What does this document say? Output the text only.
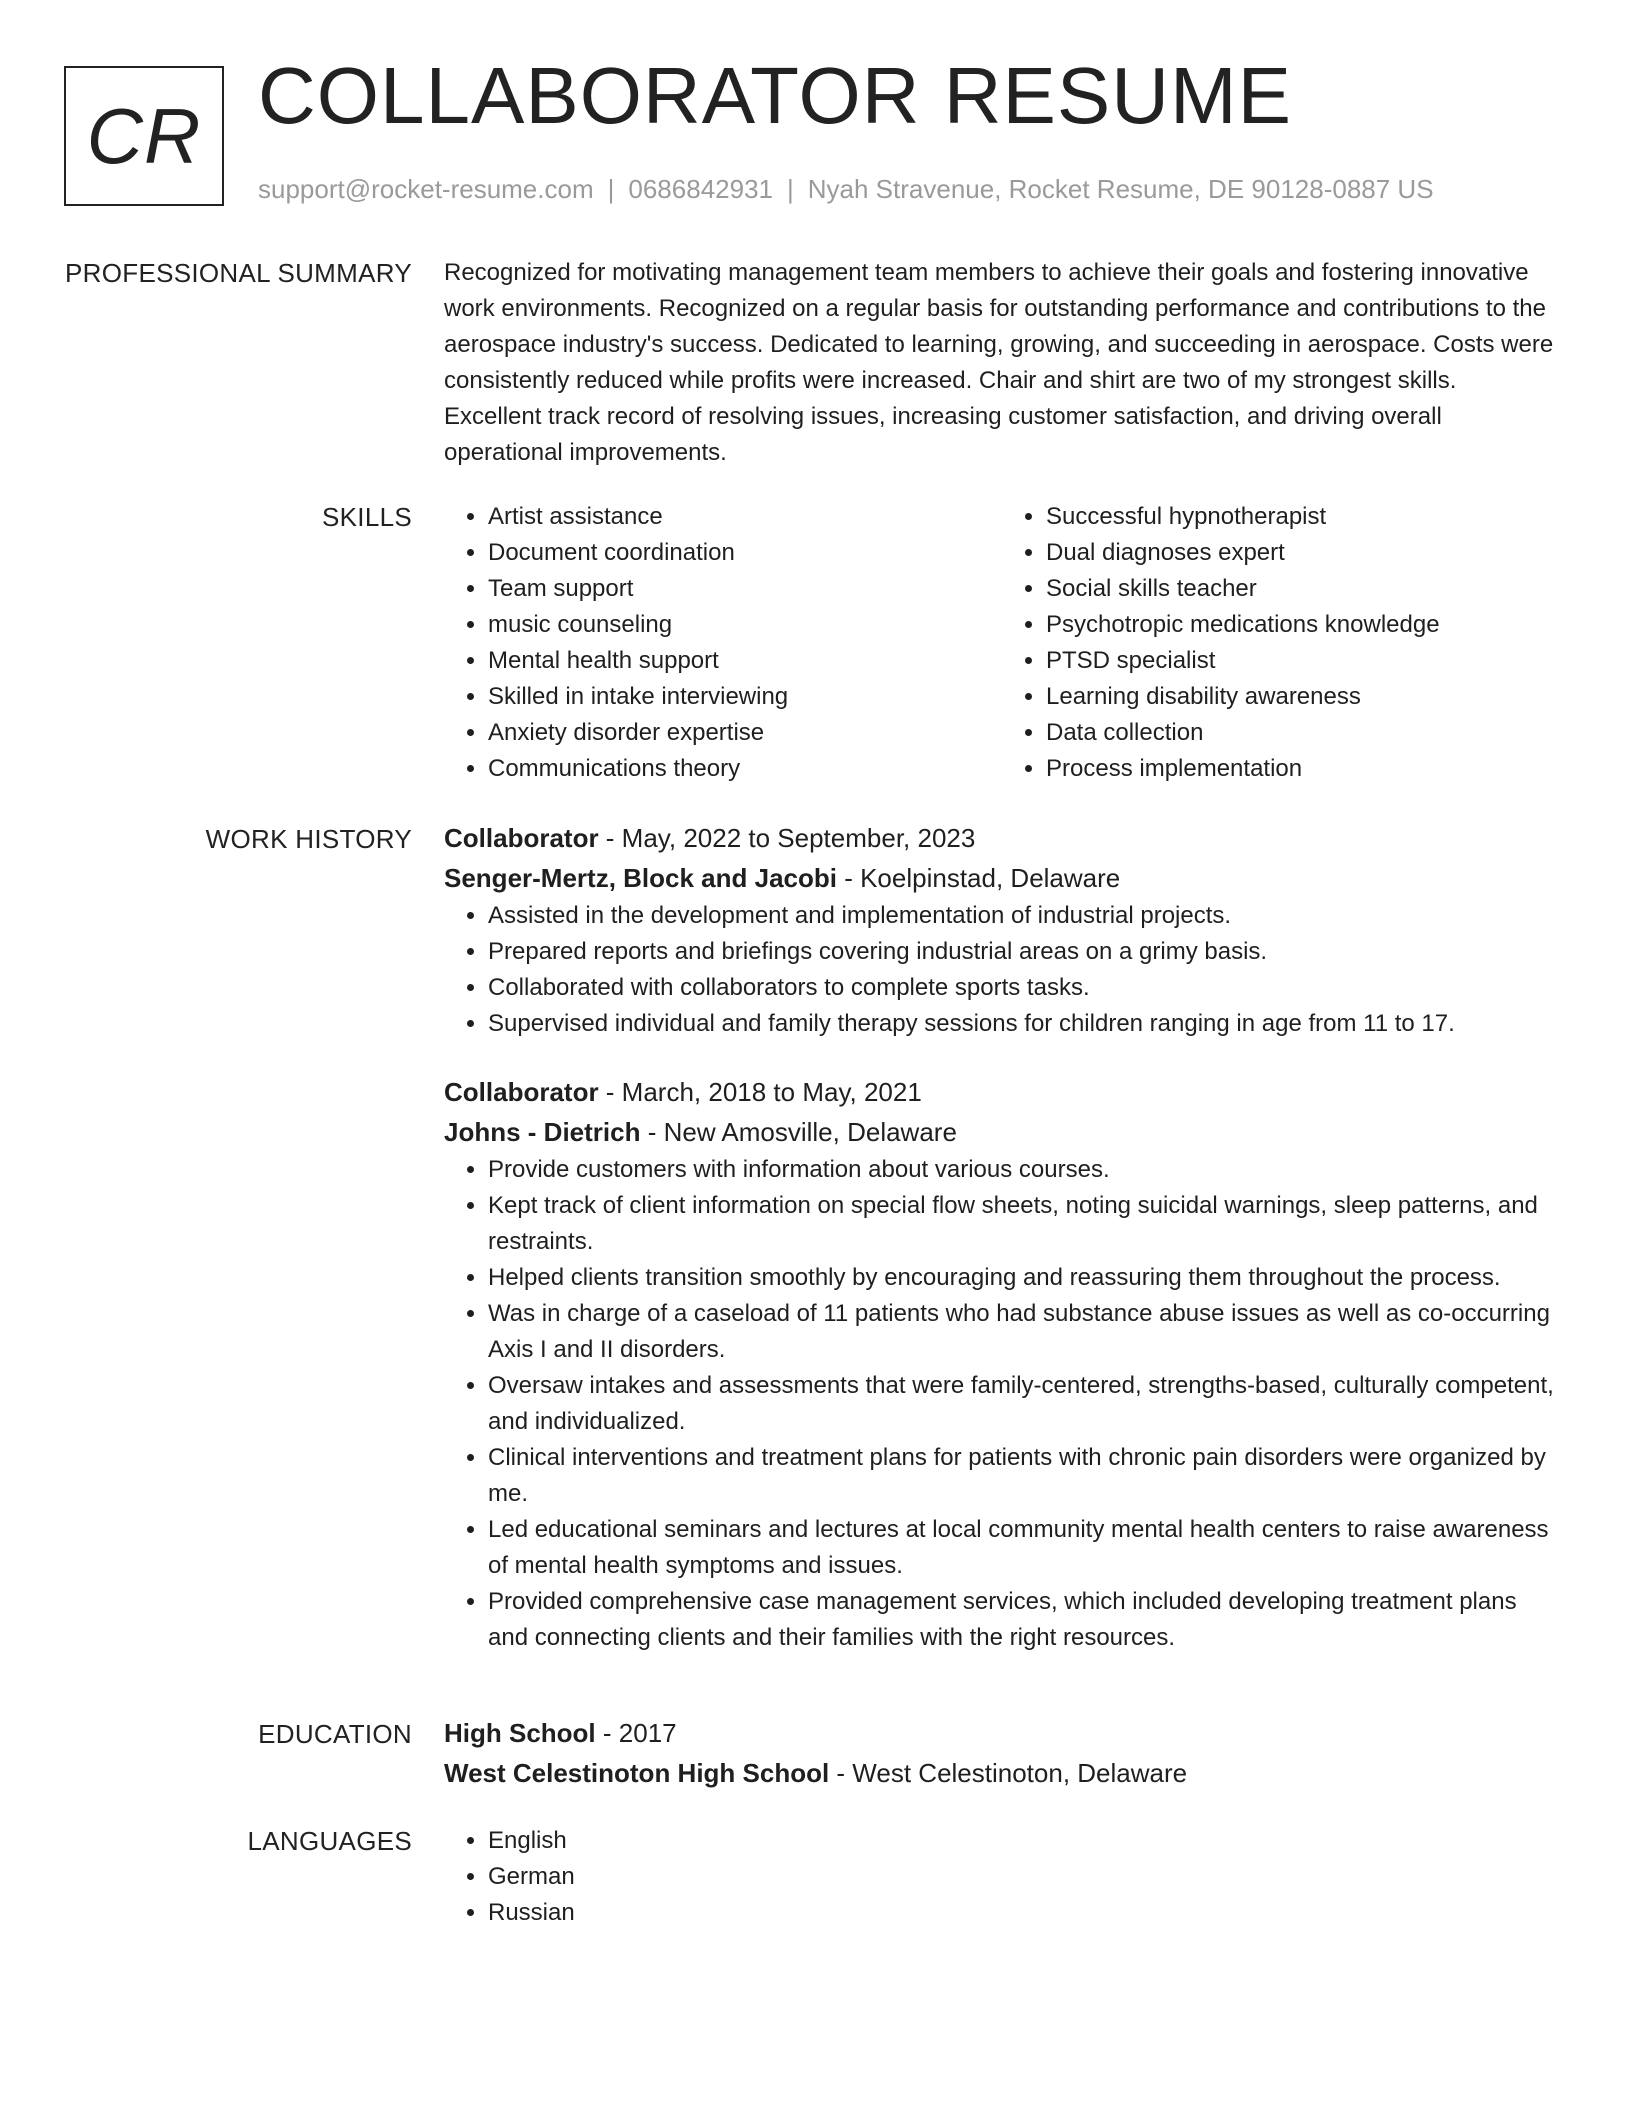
CR COLLABORATOR RESUME
support@rocket-resume.com | 0686842931 | Nyah Stravenue, Rocket Resume, DE 90128-0887 US
PROFESSIONAL SUMMARY Recognized for motivating management team members to achieve their goals and fostering innovative work environments. Recognized on a regular basis for outstanding performance and contributions to the aerospace industry's success. Dedicated to learning, growing, and succeeding in aerospace. Costs were consistently reduced while profits were increased. Chair and shirt are two of my strongest skills. Excellent track record of resolving issues, increasing customer satisfaction, and driving overall operational improvements.

SKILLS	• Artist assistance
• Document coordination
• Team support
• music counseling
• Mental health support
• Skilled in intake interviewing
• Anxiety disorder expertise
• Communications theory
• Successful hypnotherapist
• Dual diagnoses expert
• Social skills teacher
• Psychotropic medications knowledge
• PTSD specialist
• Learning disability awareness
• Data collection
• Process implementation
WORK HISTORY Collaborator - May, 2022 to September, 2023
Senger-Mertz, Block and Jacobi - Koelpinstad, Delaware
• Assisted in the development and implementation of industrial projects.
• Prepared reports and briefings covering industrial areas on a grimy basis.
• Collaborated with collaborators to complete sports tasks.
• Supervised individual and family therapy sessions for children ranging in age from 11 to 17.
Collaborator - March, 2018 to May, 2021
Johns - Dietrich - New Amosville, Delaware
• Provide customers with information about various courses.
• Kept track of client information on special flow sheets, noting suicidal warnings, sleep patterns, and restraints.
• Helped clients transition smoothly by encouraging and reassuring them throughout the process.
• Was in charge of a caseload of 11 patients who had substance abuse issues as well as co-occurring Axis I and II disorders.
• Oversaw intakes and assessments that were family-centered, strengths-based, culturally competent, and individualized.
• Clinical interventions and treatment plans for patients with chronic pain disorders were organized by me.
• Led educational seminars and lectures at local community mental health centers to raise awareness of mental health symptoms and issues.
• Provided comprehensive case management services, which included developing treatment plans and connecting clients and their families with the right resources.
EDUCATION High School - 2017
West Celestinoton High School - West Celestinoton, Delaware
LANGUAGES	• English
• German
• Russian
